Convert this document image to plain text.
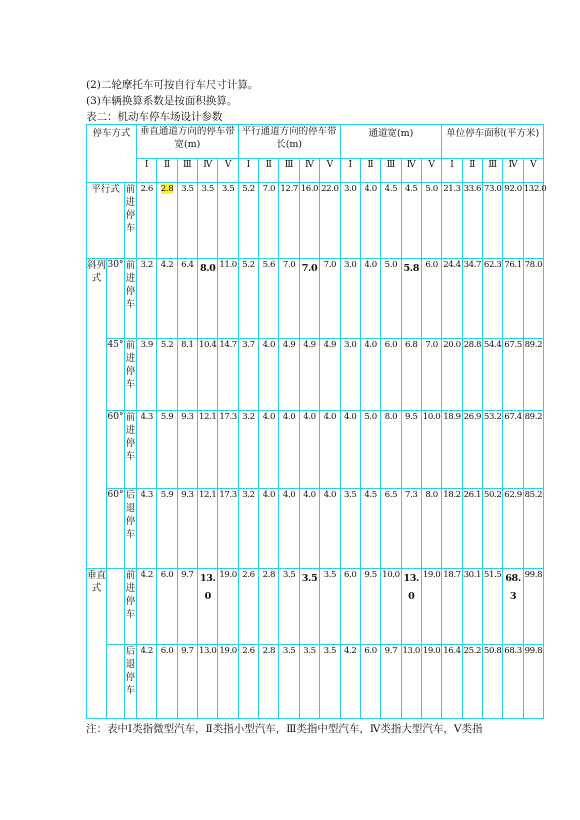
(2)二轮摩托车可按自行车尺寸计算。
(3)车辆换算系数是按面积换算。
表二：机动车停车场设计参数
停车方式			垂直通道方向的停车带宽(m)					平行通道方向的停车带长(m)					通道宽(m)					单位停车面积(平方米)				
			Ⅰ	Ⅱ	Ⅲ	Ⅳ	Ⅴ	Ⅰ	Ⅱ	Ⅲ	Ⅳ	Ⅴ	Ⅰ	Ⅱ	Ⅲ	Ⅳ	Ⅴ	Ⅰ	Ⅱ	Ⅲ	Ⅳ	Ⅴ
平行式		前进停车	2.6	2.8	3.5	3.5	3.5	5.2	7.0	12.7	16.0	22.0	3.0	4.0	4.5	4.5	5.0	21.3	33.6	73.0	92.0	132.0
斜列式	30°	前进停车	3.2	4.2	6.4	8.0	11.0	5.2	5.6	7.0	7.0	7.0	3.0	4.0	5.0	5.8	6.0	24.4	34.7	62.3	76.1	78.0
	45°	前进停车	3.9	5.2	8.1	10.4	14.7	3.7	4.0	4.9	4.9	4.9	3.0	4.0	6.0	6.8	7.0	20.0	28.8	54.4	67.5	89.2
	60°	前进停车	4.3	5.9	9.3	12.1	17.3	3.2	4.0	4.0	4.0	4.0	4.0	5.0	8.0	9.5	10.0	18.9	26.9	53.2	67.4	89.2
	60°	后退停车	4.3	5.9	9.3	12.1	17.3	3.2	4.0	4.0	4.0	4.0	3.5	4.5	6.5	7.3	8.0	18.2	26.1	50.2	62.9	85.2
垂直式		前进停车	4.2	6.0	9.7	13.0	19.0	2.6	2.8	3.5	3.5	3.5	6.0	9.5	10.0	13.0	19.0	18.7	30.1	51.5	68.3	99.8
		后退停车	4.2	6.0	9.7	13.0	19.0	2.6	2.8	3.5	3.5	3.5	4.2	6.0	9.7	13.0	19.0	16.4	25.2	50.8	68.3	99.8
注：表中Ⅰ类指微型汽车，Ⅱ类指小型汽车，Ⅲ类指中型汽车，Ⅳ类指大型汽车，Ⅴ类指
